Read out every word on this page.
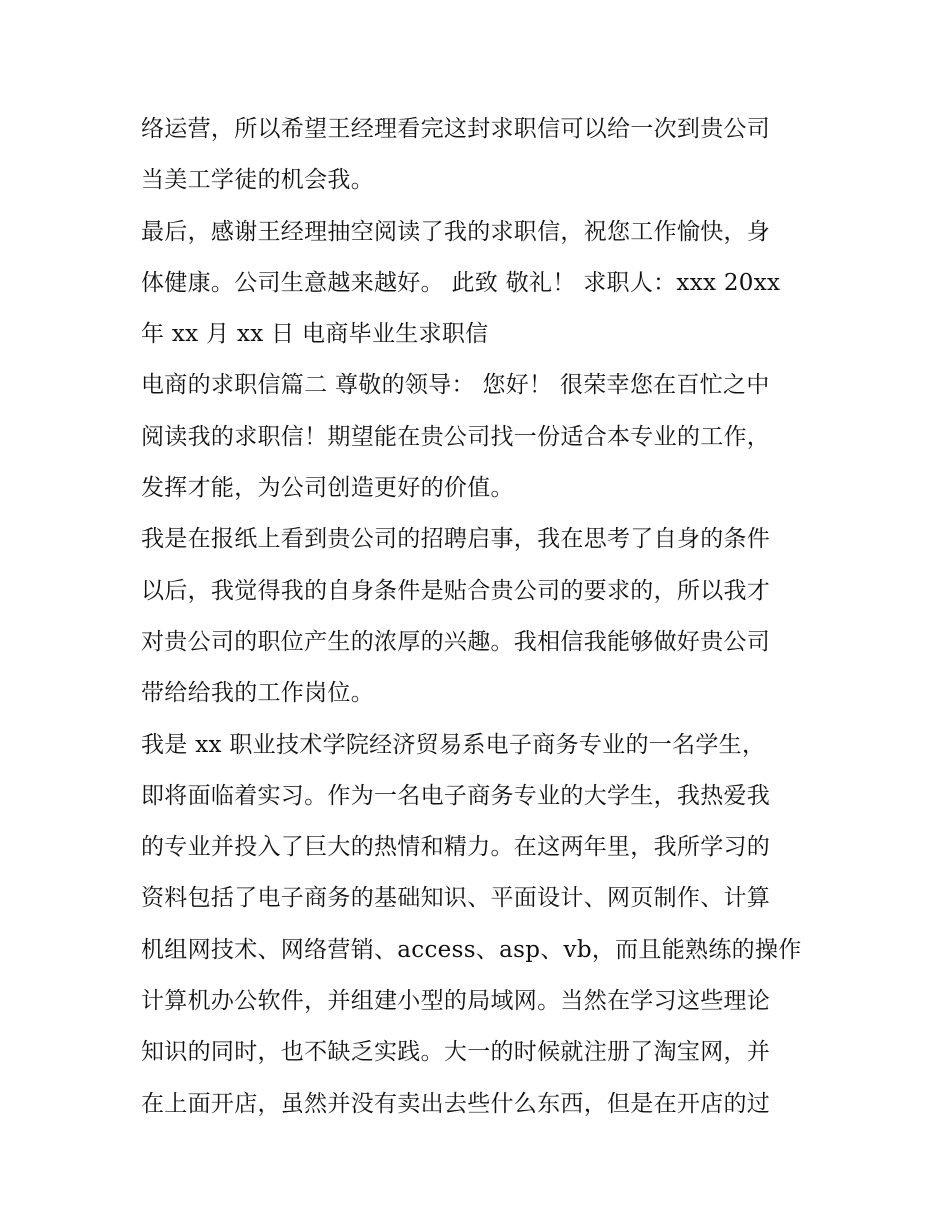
络运营，所以希望王经理看完这封求职信可以给一次到贵公司
当美工学徒的机会我。
最后，感谢王经理抽空阅读了我的求职信，祝您工作愉快，身
体健康。公司生意越来越好。 此致 敬礼！ 求职人：xxx 20xx
年 xx 月 xx 日 电商毕业生求职信
电商的求职信篇二 尊敬的领导： 您好！ 很荣幸您在百忙之中
阅读我的求职信！期望能在贵公司找一份适合本专业的工作，
发挥才能，为公司创造更好的价值。
我是在报纸上看到贵公司的招聘启事，我在思考了自身的条件
以后，我觉得我的自身条件是贴合贵公司的要求的，所以我才
对贵公司的职位产生的浓厚的兴趣。我相信我能够做好贵公司
带给给我的工作岗位。
我是 xx 职业技术学院经济贸易系电子商务专业的一名学生，
即将面临着实习。作为一名电子商务专业的大学生，我热爱我
的专业并投入了巨大的热情和精力。在这两年里，我所学习的
资料包括了电子商务的基础知识、平面设计、网页制作、计算
机组网技术、网络营销、access、asp、vb，而且能熟练的操作
计算机办公软件，并组建小型的局域网。当然在学习这些理论
知识的同时，也不缺乏实践。大一的时候就注册了淘宝网，并
在上面开店，虽然并没有卖出去些什么东西，但是在开店的过
